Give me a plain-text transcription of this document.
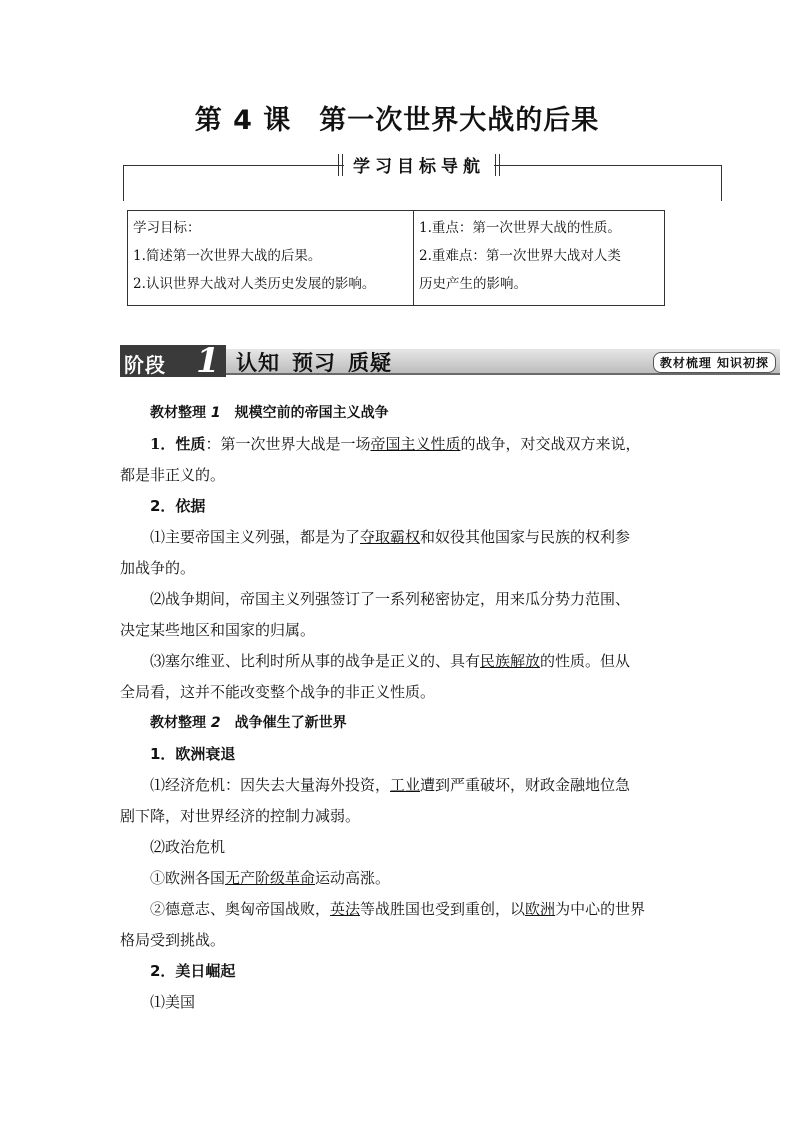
第 4 课 第一次世界大战的后果
学习目标导航
学习目标：
1.简述第一次世界大战的后果。
2.认识世界大战对人类历史发展的影响。
1.重点：第一次世界大战的性质。
2.重难点：第一次世界大战对人类
历史产生的影响。
阶段 1 认知 预习 质疑	教材梳理 知识初探

教材整理 1　 规模空前的帝国主义战争

1．性质：第一次世界大战是一场帝国主义性质的战争，对交战双方来说，

都是非正义的。

2．依据

⑴主要帝国主义列强，都是为了夺取霸权和奴役其他国家与民族的权利参

加战争的。

⑵战争期间，帝国主义列强签订了一系列秘密协定，用来瓜分势力范围、

决定某些地区和国家的归属。

⑶塞尔维亚、比利时所从事的战争是正义的、具有民族解放的性质。但从

全局看，这并不能改变整个战争的非正义性质。

教材整理 2　 战争催生了新世界

1．欧洲衰退

⑴经济危机：因失去大量海外投资，工业遭到严重破坏，财政金融地位急

剧下降，对世界经济的控制力减弱。

⑵政治危机

①欧洲各国无产阶级革命运动高涨。

②德意志、奥匈帝国战败，英法等战胜国也受到重创，以欧洲为中心的世界

格局受到挑战。

2．美日崛起

⑴美国
